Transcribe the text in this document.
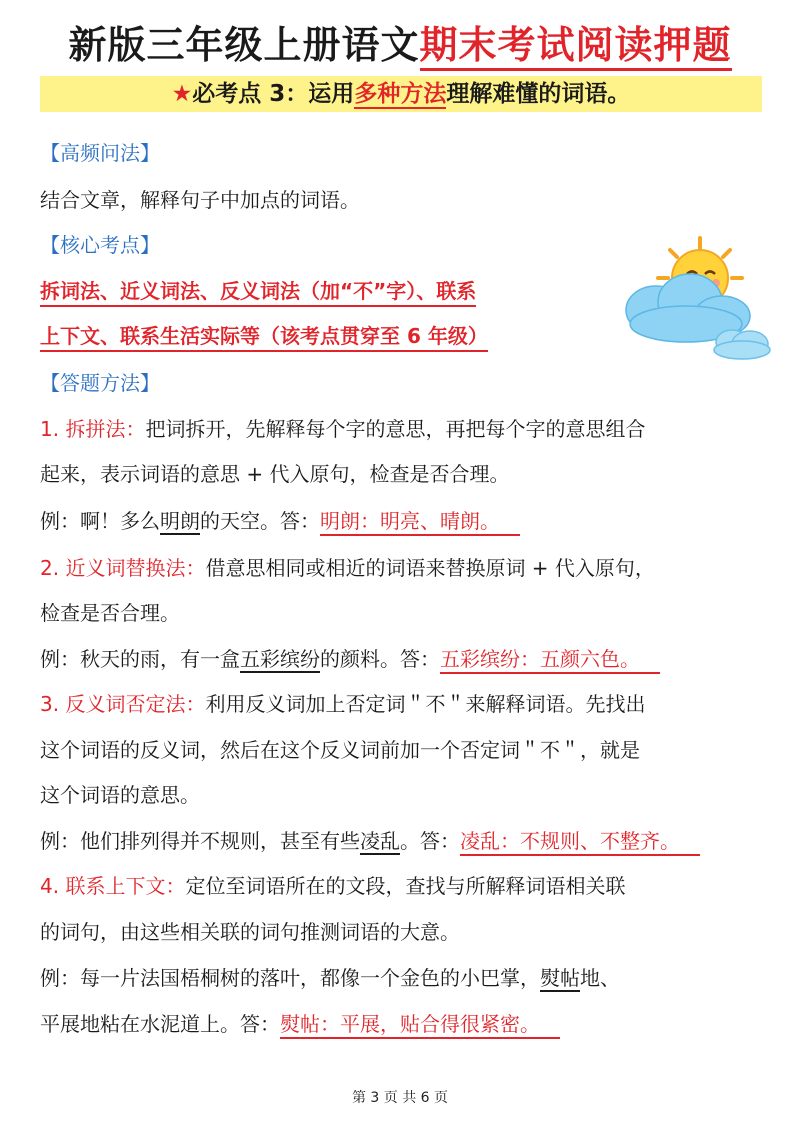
新版三年级上册语文期末考试阅读押题
★必考点 3：运用多种方法理解难懂的词语。
【高频问法】
结合文章，解释句子中加点的词语。
【核心考点】
拆词法、近义词法、反义词法（加“不”字）、联系
上下文、联系生活实际等（该考点贯穿至 6 年级）
【答题方法】
1. 拆拼法：把词拆开，先解释每个字的意思，再把每个字的意思组合
起来，表示词语的意思 + 代入原句，检查是否合理。
例：啊！多么明朗的天空。答：明朗：明亮、晴朗。
2. 近义词替换法：借意思相同或相近的词语来替换原词 + 代入原句，
检查是否合理。
例：秋天的雨，有一盒五彩缤纷的颜料。答：五彩缤纷：五颜六色。
3. 反义词否定法：利用反义词加上否定词＂不＂来解释词语。先找出
这个词语的反义词，然后在这个反义词前加一个否定词＂不＂，就是
这个词语的意思。
例：他们排列得并不规则，甚至有些凌乱。答：凌乱：不规则、不整齐。
4. 联系上下文：定位至词语所在的文段，查找与所解释词语相关联
的词句，由这些相关联的词句推测词语的大意。
例：每一片法国梧桐树的落叶，都像一个金色的小巴掌，熨帖地、
平展地粘在水泥道上。答：熨帖：平展，贴合得很紧密。
第 3 页 共 6 页
